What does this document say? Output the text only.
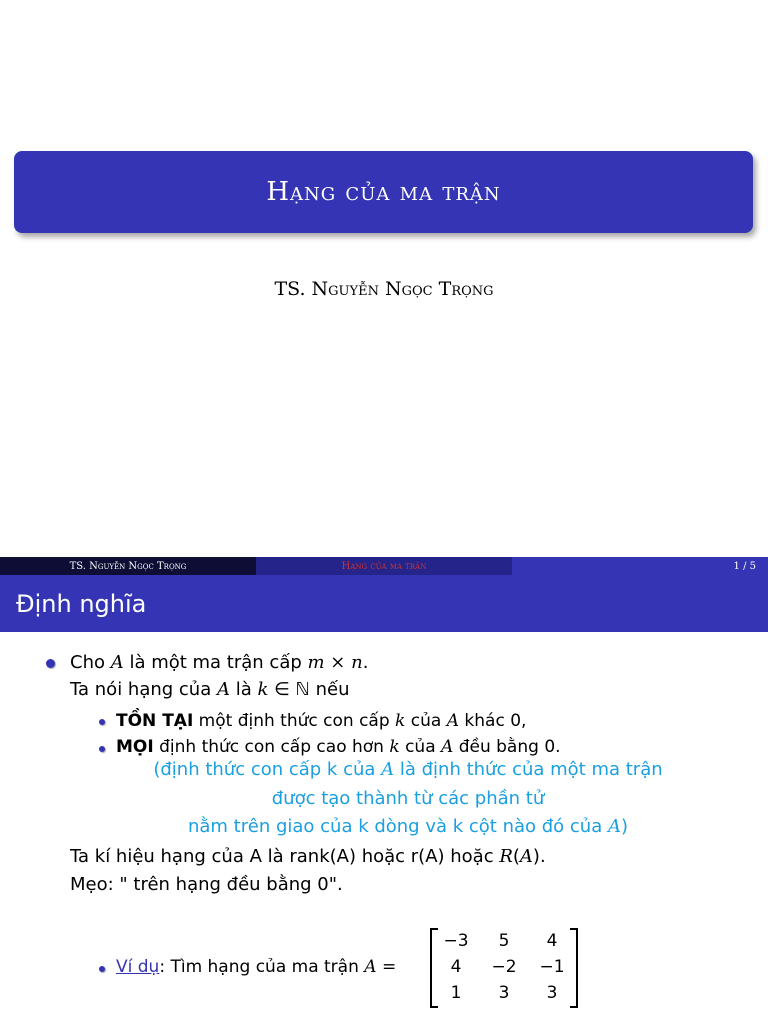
Hạng của ma trận
TS. Nguyễn Ngọc Trọng
TS. Nguyễn Ngọc Trọng	Hạng của ma trận	1 / 5
Định nghĩa
Cho A là một ma trận cấp m × n.
Ta nói hạng của A là k ∈ ℕ nếu
TỒN TẠI một định thức con cấp k của A khác 0,
MỌI định thức con cấp cao hơn k của A đều bằng 0.
(định thức con cấp k của A là định thức của một ma trận
được tạo thành từ các phần tử
nằm trên giao của k dòng và k cột nào đó của A)
Ta kí hiệu hạng của A là rank(A) hoặc r(A) hoặc R(A).
Mẹo: " trên hạng đều bằng 0".
Ví dụ: Tìm hạng của ma trận A =
−3	5	4
4	−2	−1
1	3	3
